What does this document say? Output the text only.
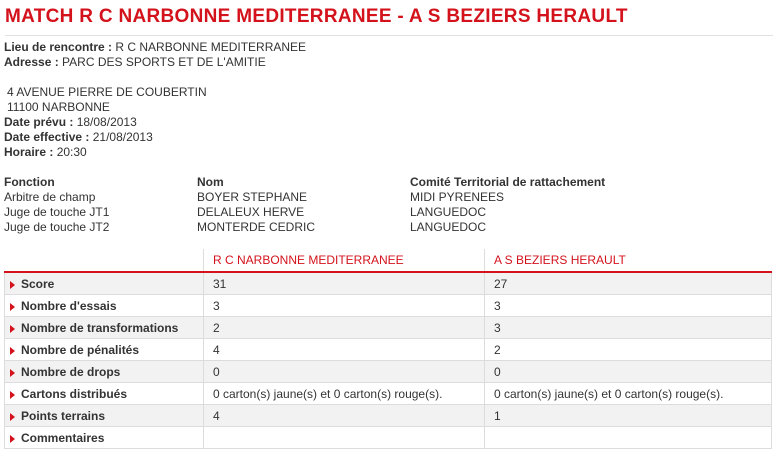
MATCH R C NARBONNE MEDITERRANEE - A S BEZIERS HERAULT
Lieu de rencontre : R C NARBONNE MEDITERRANEE
Adresse : PARC DES SPORTS ET DE L'AMITIE
4 AVENUE PIERRE DE COUBERTIN
11100 NARBONNE
Date prévu : 18/08/2013
Date effective : 21/08/2013
Horaire : 20:30
Fonction	Nom	Comité Territorial de rattachement
Arbitre de champ	BOYER STEPHANE	MIDI PYRENEES
Juge de touche JT1	DELALEUX HERVE	LANGUEDOC
Juge de touche JT2	MONTERDE CEDRIC	LANGUEDOC
	R C NARBONNE MEDITERRANEE	A S BEZIERS HERAULT
Score	31	27
Nombre d'essais	3	3
Nombre de transformations	2	3
Nombre de pénalités	4	2
Nombre de drops	0	0
Cartons distribués	0 carton(s) jaune(s) et 0 carton(s) rouge(s).	0 carton(s) jaune(s) et 0 carton(s) rouge(s).
Points terrains	4	1
Commentaires		
